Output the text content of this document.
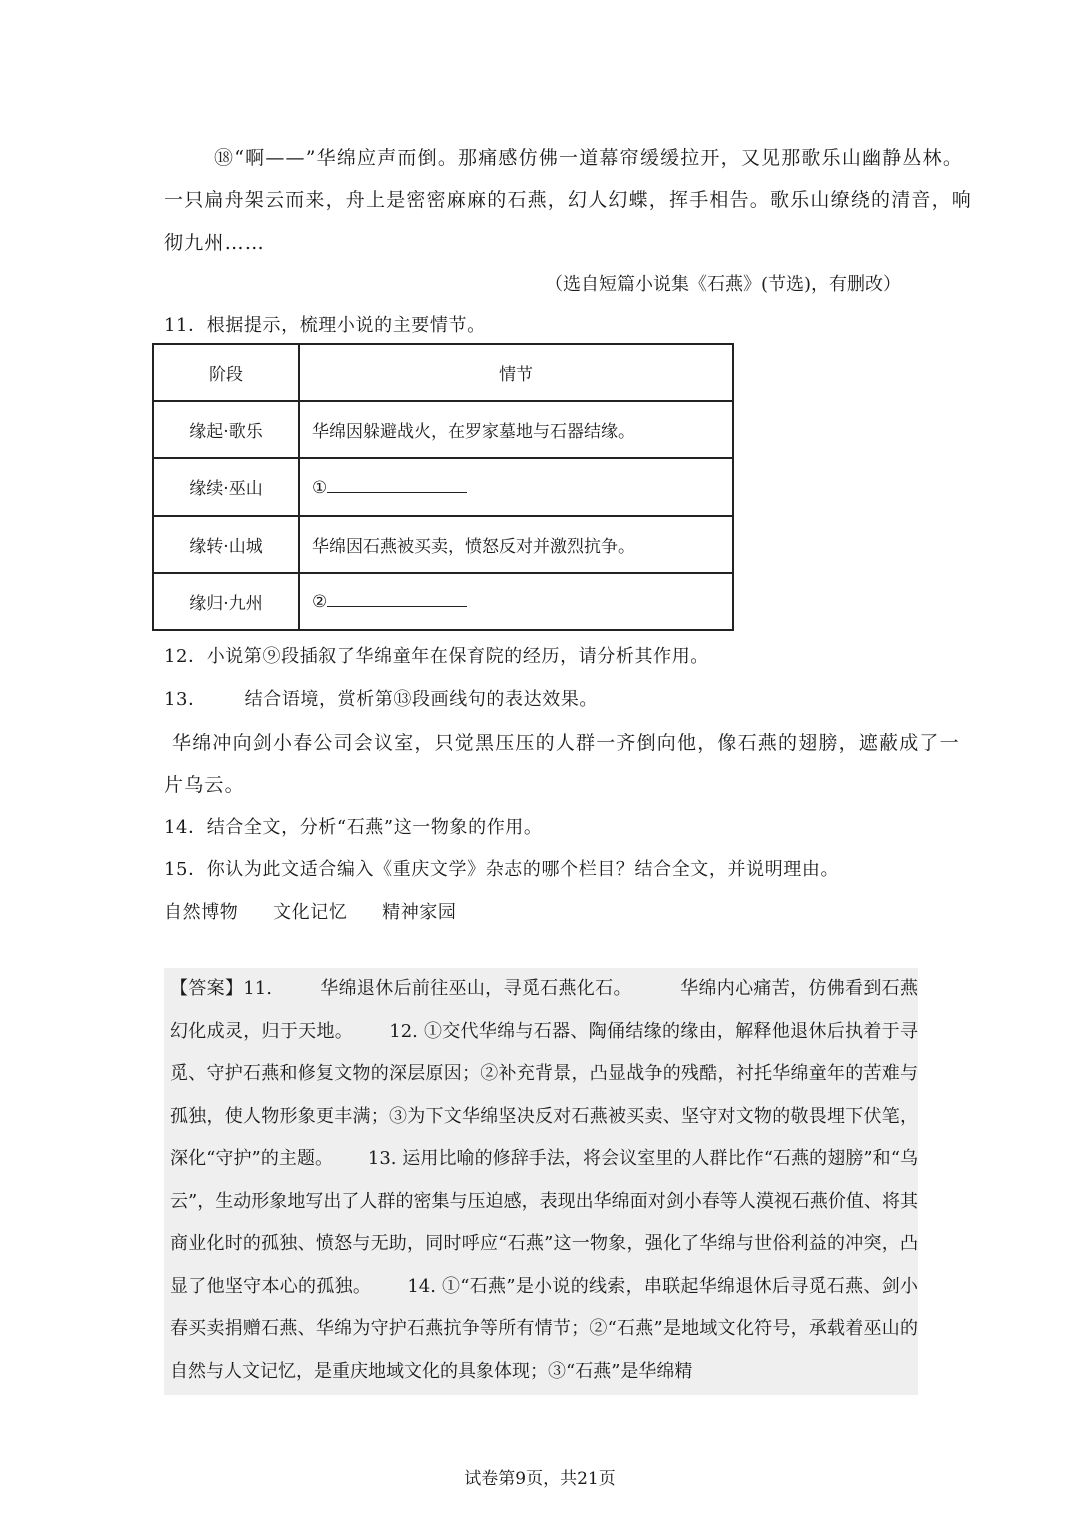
⑱“啊——”华绵应声而倒。那痛感仿佛一道幕帘缓缓拉开，又见那歌乐山幽静丛林。
一只扁舟架云而来，舟上是密密麻麻的石燕，幻人幻蝶，挥手相告。歌乐山缭绕的清音，响
彻九州……
（选自短篇小说集《石燕》(节选)，有删改）
11．根据提示，梳理小说的主要情节。
阶段	情节
缘起·歌乐	华绵因躲避战火，在罗家墓地与石器结缘。
缘续·巫山	①
缘转·山城	华绵因石燕被买卖，愤怒反对并激烈抗争。
缘归·九州	②
12．小说第⑨段插叙了华绵童年在保育院的经历，请分析其作用。
13．      结合语境，赏析第⑬段画线句的表达效果。
华绵冲向剑小春公司会议室，只觉黑压压的人群一齐倒向他，像石燕的翅膀，遮蔽成了一
片乌云。
14．结合全文，分析“石燕”这一物象的作用。
15．你认为此文适合编入《重庆文学》杂志的哪个栏目？结合全文，并说明理由。
自然博物 文化记忆 精神家园
【答案】11.        华绵退休后前往巫山，寻觅石燕化石。        华绵内心痛苦，仿佛看到石燕幻化成灵，归于天地。      12. ①交代华绵与石器、陶俑结缘的缘由，解释他退休后执着于寻觅、守护石燕和修复文物的深层原因；②补充背景，凸显战争的残酷，衬托华绵童年的苦难与孤独，使人物形象更丰满；③为下文华绵坚决反对石燕被买卖、坚守对文物的敬畏埋下伏笔，深化“守护”的主题。      13. 运用比喻的修辞手法，将会议室里的人群比作“石燕的翅膀”和“乌云”，生动形象地写出了人群的密集与压迫感，表现出华绵面对剑小春等人漠视石燕价值、将其商业化时的孤独、愤怒与无助，同时呼应“石燕”这一物象，强化了华绵与世俗利益的冲突，凸显了他坚守本心的孤独。      14. ①“石燕”是小说的线索，串联起华绵退休后寻觅石燕、剑小春买卖捐赠石燕、华绵为守护石燕抗争等所有情节；②“石燕”是地域文化符号，承载着巫山的自然与人文记忆，是重庆地域文化的具象体现；③“石燕”是华绵精
试卷第9页，共21页
